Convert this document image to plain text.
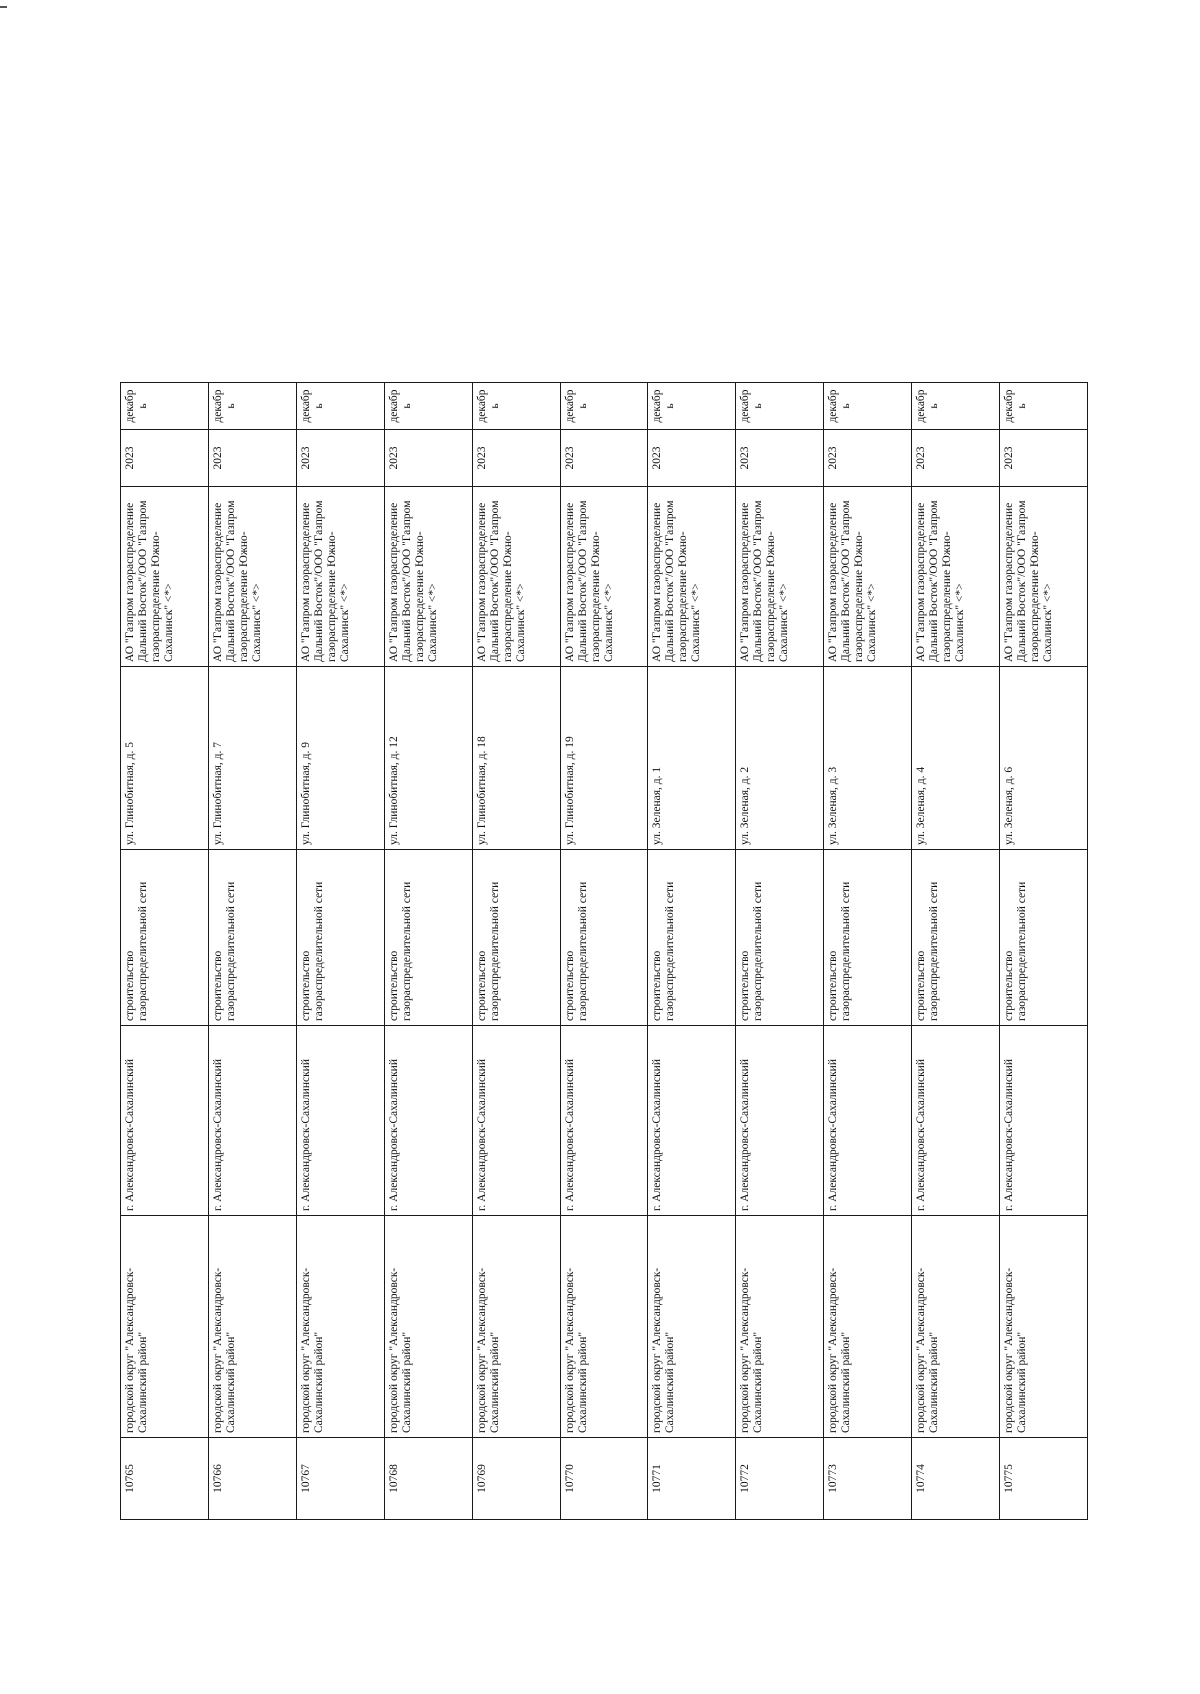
10765	городской округ "Александровск-Сахалинский район"	г. Александровск-Сахалинский	строительство газораспределительной сети	ул. Глинобитная, д. 5	АО "Газпром газораспределение Дальний Восток"/ООО "Газпром газораспределение Южно-Сахалинск" <*>	2023	декабрь
10766	городской округ "Александровск-Сахалинский район"	г. Александровск-Сахалинский	строительство газораспределительной сети	ул. Глинобитная, д. 7	АО "Газпром газораспределение Дальний Восток"/ООО "Газпром газораспределение Южно-Сахалинск" <*>	2023	декабрь
10767	городской округ "Александровск-Сахалинский район"	г. Александровск-Сахалинский	строительство газораспределительной сети	ул. Глинобитная, д. 9	АО "Газпром газораспределение Дальний Восток"/ООО "Газпром газораспределение Южно-Сахалинск" <*>	2023	декабрь
10768	городской округ "Александровск-Сахалинский район"	г. Александровск-Сахалинский	строительство газораспределительной сети	ул. Глинобитная, д. 12	АО "Газпром газораспределение Дальний Восток"/ООО "Газпром газораспределение Южно-Сахалинск" <*>	2023	декабрь
10769	городской округ "Александровск-Сахалинский район"	г. Александровск-Сахалинский	строительство газораспределительной сети	ул. Глинобитная, д. 18	АО "Газпром газораспределение Дальний Восток"/ООО "Газпром газораспределение Южно-Сахалинск" <*>	2023	декабрь
10770	городской округ "Александровск-Сахалинский район"	г. Александровск-Сахалинский	строительство газораспределительной сети	ул. Глинобитная, д. 19	АО "Газпром газораспределение Дальний Восток"/ООО "Газпром газораспределение Южно-Сахалинск" <*>	2023	декабрь
10771	городской округ "Александровск-Сахалинский район"	г. Александровск-Сахалинский	строительство газораспределительной сети	ул. Зеленая, д. 1	АО "Газпром газораспределение Дальний Восток"/ООО "Газпром газораспределение Южно-Сахалинск" <*>	2023	декабрь
10772	городской округ "Александровск-Сахалинский район"	г. Александровск-Сахалинский	строительство газораспределительной сети	ул. Зеленая, д. 2	АО "Газпром газораспределение Дальний Восток"/ООО "Газпром газораспределение Южно-Сахалинск" <*>	2023	декабрь
10773	городской округ "Александровск-Сахалинский район"	г. Александровск-Сахалинский	строительство газораспределительной сети	ул. Зеленая, д. 3	АО "Газпром газораспределение Дальний Восток"/ООО "Газпром газораспределение Южно-Сахалинск" <*>	2023	декабрь
10774	городской округ "Александровск-Сахалинский район"	г. Александровск-Сахалинский	строительство газораспределительной сети	ул. Зеленая, д. 4	АО "Газпром газораспределение Дальний Восток"/ООО "Газпром газораспределение Южно-Сахалинск" <*>	2023	декабрь
10775	городской округ "Александровск-Сахалинский район"	г. Александровск-Сахалинский	строительство газораспределительной сети	ул. Зеленая, д. 6	АО "Газпром газораспределение Дальний Восток"/ООО "Газпром газораспределение Южно-Сахалинск" <*>	2023	декабрь
